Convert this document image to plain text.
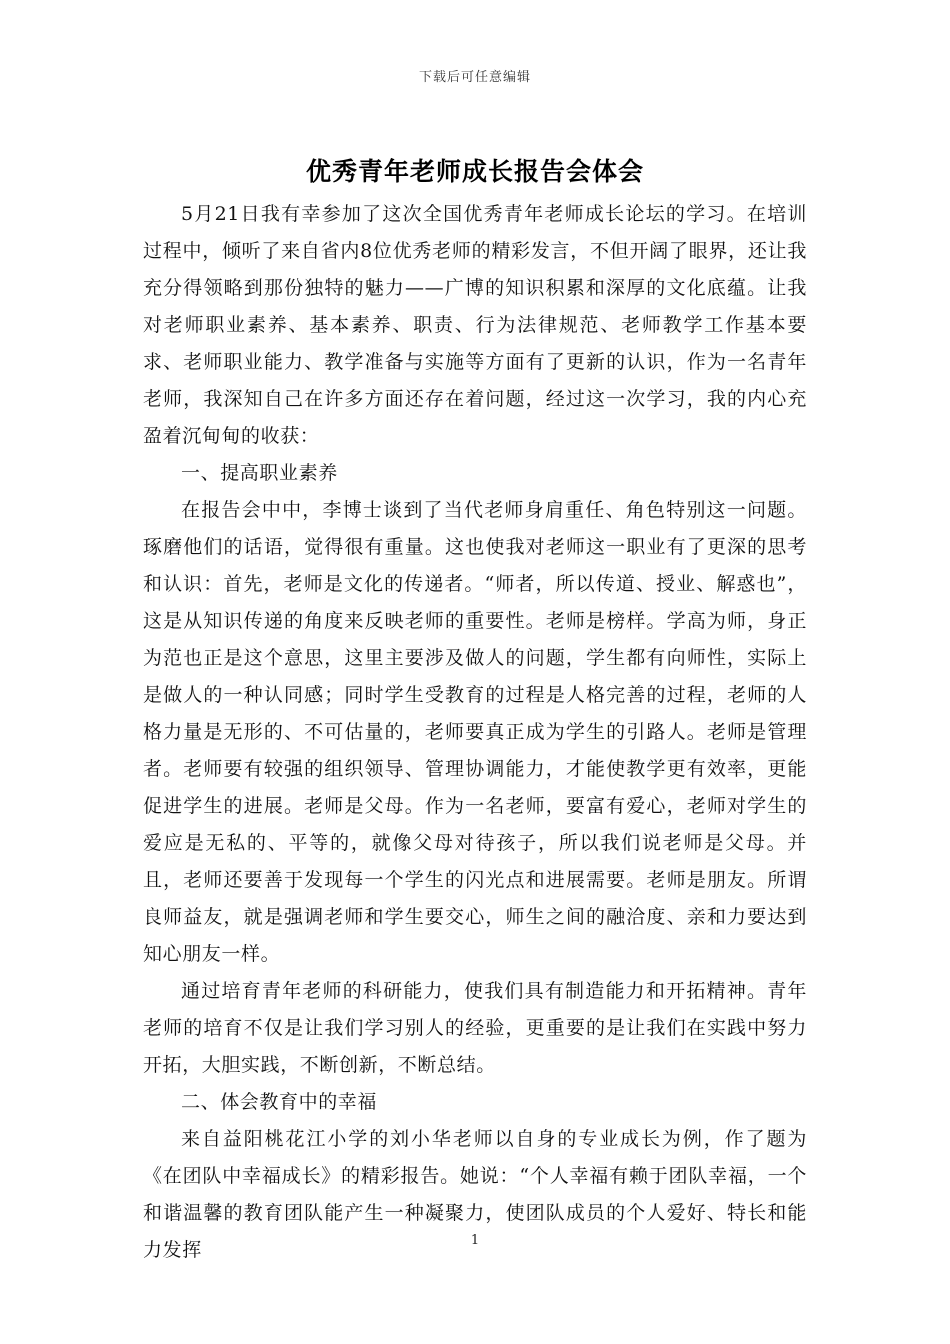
下载后可任意编辑
优秀青年老师成长报告会体会

5月21日我有幸参加了这次全国优秀青年老师成长论坛的学习。在培训过程中，倾听了来自省内8位优秀老师的精彩发言，不但开阔了眼界，还让我充分得领略到那份独特的魅力——广博的知识积累和深厚的文化底蕴。让我对老师职业素养、基本素养、职责、行为法律规范、老师教学工作基本要求、老师职业能力、教学准备与实施等方面有了更新的认识，作为一名青年老师，我深知自己在许多方面还存在着问题，经过这一次学习，我的内心充盈着沉甸甸的收获：

一、提高职业素养

在报告会中中，李博士谈到了当代老师身肩重任、角色特别这一问题。琢磨他们的话语，觉得很有重量。这也使我对老师这一职业有了更深的思考和认识：首先，老师是文化的传递者。“师者，所以传道、授业、解惑也”，这是从知识传递的角度来反映老师的重要性。老师是榜样。学高为师，身正为范也正是这个意思，这里主要涉及做人的问题，学生都有向师性，实际上是做人的一种认同感；同时学生受教育的过程是人格完善的过程，老师的人格力量是无形的、不可估量的，老师要真正成为学生的引路人。老师是管理者。老师要有较强的组织领导、管理协调能力，才能使教学更有效率，更能促进学生的进展。老师是父母。作为一名老师，要富有爱心，老师对学生的爱应是无私的、平等的，就像父母对待孩子，所以我们说老师是父母。并且，老师还要善于发现每一个学生的闪光点和进展需要。老师是朋友。所谓良师益友，就是强调老师和学生要交心，师生之间的融洽度、亲和力要达到知心朋友一样。

通过培育青年老师的科研能力，使我们具有制造能力和开拓精神。青年老师的培育不仅是让我们学习别人的经验，更重要的是让我们在实践中努力开拓，大胆实践，不断创新，不断总结。

二、体会教育中的幸福

来自益阳桃花江小学的刘小华老师以自身的专业成长为例，作了题为《在团队中幸福成长》的精彩报告。她说：“个人幸福有赖于团队幸福，一个和谐温馨的教育团队能产生一种凝聚力，使团队成员的个人爱好、特长和能力发挥	1
